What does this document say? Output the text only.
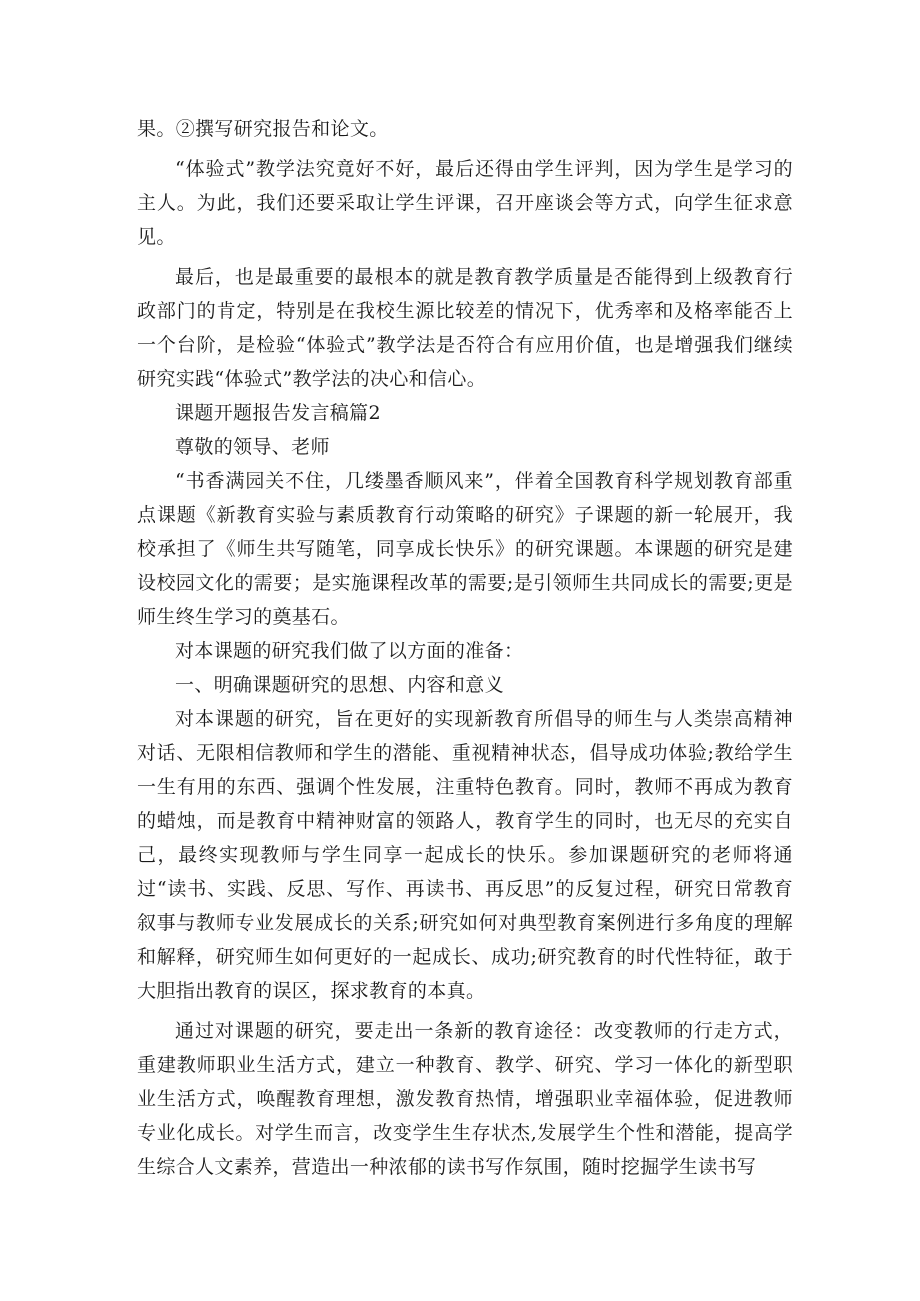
果。②撰写研究报告和论文。

“体验式”教学法究竟好不好，最后还得由学生评判，因为学生是学习的主人。为此，我们还要采取让学生评课，召开座谈会等方式，向学生征求意见。

最后，也是最重要的最根本的就是教育教学质量是否能得到上级教育行政部门的肯定，特别是在我校生源比较差的情况下，优秀率和及格率能否上一个台阶，是检验“体验式”教学法是否符合有应用价值，也是增强我们继续研究实践“体验式”教学法的决心和信心。

课题开题报告发言稿篇2

尊敬的领导、老师

“书香满园关不住，几缕墨香顺风来”，伴着全国教育科学规划教育部重点课题《新教育实验与素质教育行动策略的研究》子课题的新一轮展开，我校承担了《师生共写随笔，同享成长快乐》的研究课题。本课题的研究是建设校园文化的需要；是实施课程改革的需要;是引领师生共同成长的需要;更是师生终生学习的奠基石。

对本课题的研究我们做了以方面的准备：

一、明确课题研究的思想、内容和意义

对本课题的研究，旨在更好的实现新教育所倡导的师生与人类崇高精神对话、无限相信教师和学生的潜能、重视精神状态，倡导成功体验;教给学生一生有用的东西、强调个性发展，注重特色教育。同时，教师不再成为教育的蜡烛，而是教育中精神财富的领路人，教育学生的同时，也无尽的充实自己，最终实现教师与学生同享一起成长的快乐。参加课题研究的老师将通过“读书、实践、反思、写作、再读书、再反思”的反复过程，研究日常教育叙事与教师专业发展成长的关系;研究如何对典型教育案例进行多角度的理解和解释，研究师生如何更好的一起成长、成功;研究教育的时代性特征，敢于大胆指出教育的误区，探求教育的本真。

通过对课题的研究，要走出一条新的教育途径：改变教师的行走方式，重建教师职业生活方式，建立一种教育、教学、研究、学习一体化的新型职业生活方式，唤醒教育理想，激发教育热情，增强职业幸福体验，促进教师专业化成长。对学生而言，改变学生生存状杰,发展学生个性和潜能，提高学生综合人文素养，营造出一种浓郁的读书写作氛围，随时挖掘学生读书写
